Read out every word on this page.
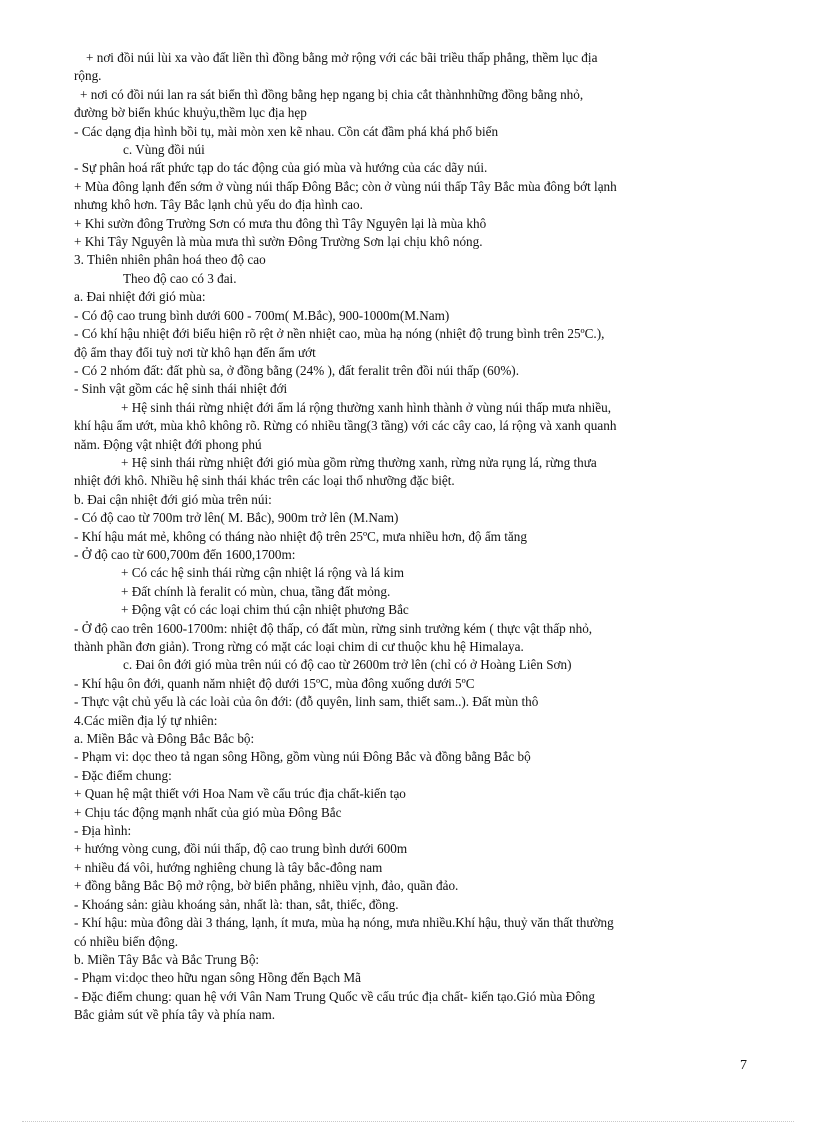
+ nơi đồi núi lùi xa vào đất liền thì đồng bằng mở rộng với các bãi triều thấp phẳng, thềm lục địa
rộng.
+ nơi có đồi núi lan ra sát biển thì đồng bằng hẹp ngang bị chia cắt thànhnhững đồng bằng nhỏ,
đường bờ biển khúc khuỷu,thềm lục địa hẹp
- Các dạng địa hình bồi tụ, mài mòn xen kẽ nhau. Cồn cát đầm phá khá phổ biến
c. Vùng đồi núi
- Sự phân hoá rất phức tạp do tác động của gió mùa và hướng của các dãy núi.
+ Mùa đông lạnh đến sớm ở vùng núi thấp Đông Bắc; còn ở vùng núi thấp Tây Bắc mùa đông bớt lạnh
nhưng khô hơn. Tây Bắc lạnh chủ yếu do địa hình cao.
+ Khi sườn đông Trường Sơn có mưa thu đông thì Tây Nguyên lại là mùa khô
+ Khi Tây Nguyên là mùa mưa thì sườn Đông Trường Sơn lại chịu khô nóng.
3. Thiên nhiên phân hoá theo độ cao
Theo độ cao có 3 đai.
a. Đai nhiệt đới gió mùa:
- Có độ cao trung bình dưới 600 - 700m( M.Bắc), 900-1000m(M.Nam)
- Có khí hậu nhiệt đới biểu hiện rõ rệt ở nền nhiệt cao, mùa hạ nóng (nhiệt độ trung bình trên 25ºC.),
độ ẩm thay đổi tuỳ nơi từ khô hạn đến ẩm ướt
- Có 2 nhóm đất: đất phù sa, ở đồng bằng (24% ), đất feralit trên đồi núi thấp (60%).
- Sinh vật gồm các hệ sinh thái nhiệt đới
+ Hệ sinh thái rừng nhiệt đới ẩm lá rộng thường xanh hình thành ở vùng núi thấp mưa nhiều,
khí hậu ẩm ướt, mùa khô không rõ. Rừng có nhiều tầng(3 tầng) với các cây cao, lá rộng và xanh quanh
năm. Động vật nhiệt đới phong phú
+ Hệ sinh thái rừng nhiệt đới gió mùa gồm rừng thường xanh, rừng nửa rụng lá, rừng thưa
nhiệt đới khô. Nhiều hệ sinh thái khác trên các loại thổ nhưỡng đặc biệt.
b. Đai cận nhiệt đới gió mùa trên núi:
- Có độ cao từ 700m trở lên( M. Bắc), 900m trở lên (M.Nam)
- Khí hậu mát mẻ, không có tháng nào nhiệt độ trên 25ºC, mưa nhiều hơn, độ ẩm tăng
- Ở độ cao từ 600,700m đến 1600,1700m:
+ Có các hệ sinh thái rừng cận nhiệt lá rộng và lá kim
+ Đất chính là feralit có mùn, chua, tầng đất mỏng.
+ Động vật có các loại chim thú cận nhiệt phương Bắc
- Ở độ cao trên 1600-1700m: nhiệt độ thấp, có đất mùn, rừng sinh trưởng kém ( thực vật thấp nhỏ,
thành phần đơn giản). Trong rừng có mặt các loại chim di cư thuộc khu hệ Himalaya.
c. Đai ôn đới gió mùa trên núi có độ cao từ 2600m trở lên (chỉ có ở Hoàng Liên Sơn)
- Khí hậu ôn đới, quanh năm nhiệt độ dưới 15ºC, mùa đông xuống dưới 5ºC
- Thực vật chủ yếu là các loài của ôn đới: (đỗ quyên, linh sam, thiết sam..). Đất mùn thô
4.Các miền địa lý tự nhiên:
a. Miền Bắc và Đông Bắc Bắc bộ:
- Phạm vi: dọc theo tả ngan sông Hồng, gồm vùng núi Đông Bắc và đồng bằng Bắc bộ
- Đặc điểm chung:
+ Quan hệ mật thiết với Hoa Nam về cấu trúc địa chất-kiến tạo
+ Chịu tác động mạnh nhất của gió mùa Đông Bắc
- Địa hình:
+ hướng vòng cung, đồi núi thấp, độ cao trung bình dưới 600m
+ nhiều đá vôi, hướng nghiêng chung là tây bắc-đông nam
+ đồng bằng Bắc Bộ mở rộng, bờ biển phẳng, nhiều vịnh, đảo, quần đảo.
- Khoáng sản: giàu khoáng sản, nhất là: than, sắt, thiếc, đồng.
- Khí hậu: mùa đông dài 3 tháng, lạnh, ít mưa, mùa hạ nóng, mưa nhiều.Khí hậu, thuỷ văn thất thường
có nhiều biến động.
b. Miền Tây Bắc và Bắc Trung Bộ:
- Phạm vi:dọc theo hữu ngan sông Hồng đến Bạch Mã
- Đặc điểm chung: quan hệ với Vân Nam Trung Quốc về cấu trúc địa chất- kiến tạo.Gió mùa Đông
Bắc giảm sút về phía tây và phía nam.
7
